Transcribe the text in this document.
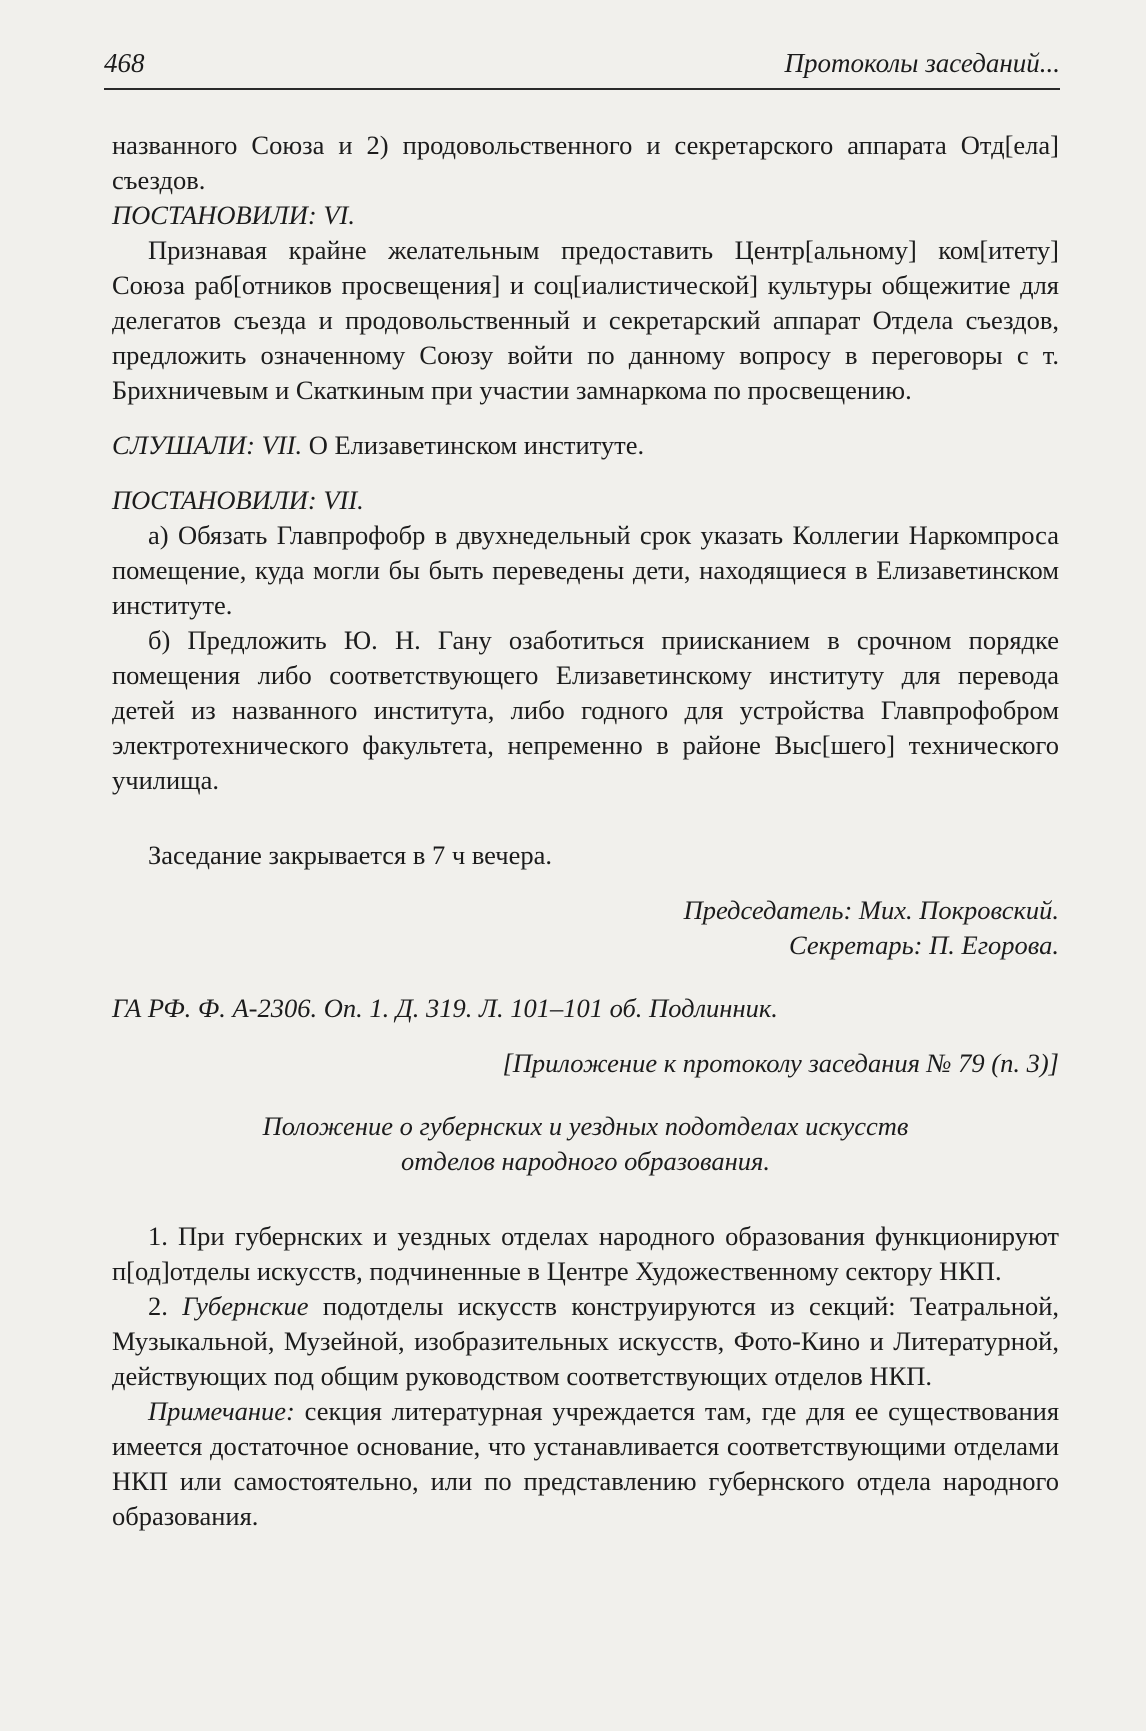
468	Протоколы заседаний...

названного Союза и 2) продовольственного и секретарского аппарата Отд[ела] съездов.

ПОСТАНОВИЛИ: VI.

Признавая крайне желательным предоставить Центр[альному] ком[итету] Союза раб[отников просвещения] и соц[иалистической] культуры общежитие для делегатов съезда и продовольственный и секретарский аппарат Отдела съездов, предложить означенному Союзу войти по данному вопросу в переговоры с т. Брихничевым и Скаткиным при участии замнаркома по просвещению.

СЛУШАЛИ: VII. О Елизаветинском институте.

ПОСТАНОВИЛИ: VII.

а) Обязать Главпрофобр в двухнедельный срок указать Коллегии Наркомпроса помещение, куда могли бы быть переведены дети, находящиеся в Елизаветинском институте.

б) Предложить Ю. Н. Гану озаботиться приисканием в срочном порядке помещения либо соответствующего Елизаветинскому институту для перевода детей из названного института, либо годного для устройства Главпрофобром электротехнического факультета, непременно в районе Выс[шего] технического училища.

Заседание закрывается в 7 ч вечера.

Председатель: Мих. Покровский.

Секретарь: П. Егорова.

ГА РФ. Ф. А-2306. Оп. 1. Д. 319. Л. 101–101 об. Подлинник.

[Приложение к протоколу заседания № 79 (п. 3)]

Положение о губернских и уездных подотделах искусств

отделов народного образования.

1. При губернских и уездных отделах народного образования функционируют п[од]отделы искусств, подчиненные в Центре Художественному сектору НКП.

2. Губернские подотделы искусств конструируются из секций: Театральной, Музыкальной, Музейной, изобразительных искусств, Фото-Кино и Литературной, действующих под общим руководством соответствующих отделов НКП.

Примечание: секция литературная учреждается там, где для ее существования имеется достаточное основание, что устанавливается соответствующими отделами НКП или самостоятельно, или по представлению губернского отдела народного образования.
